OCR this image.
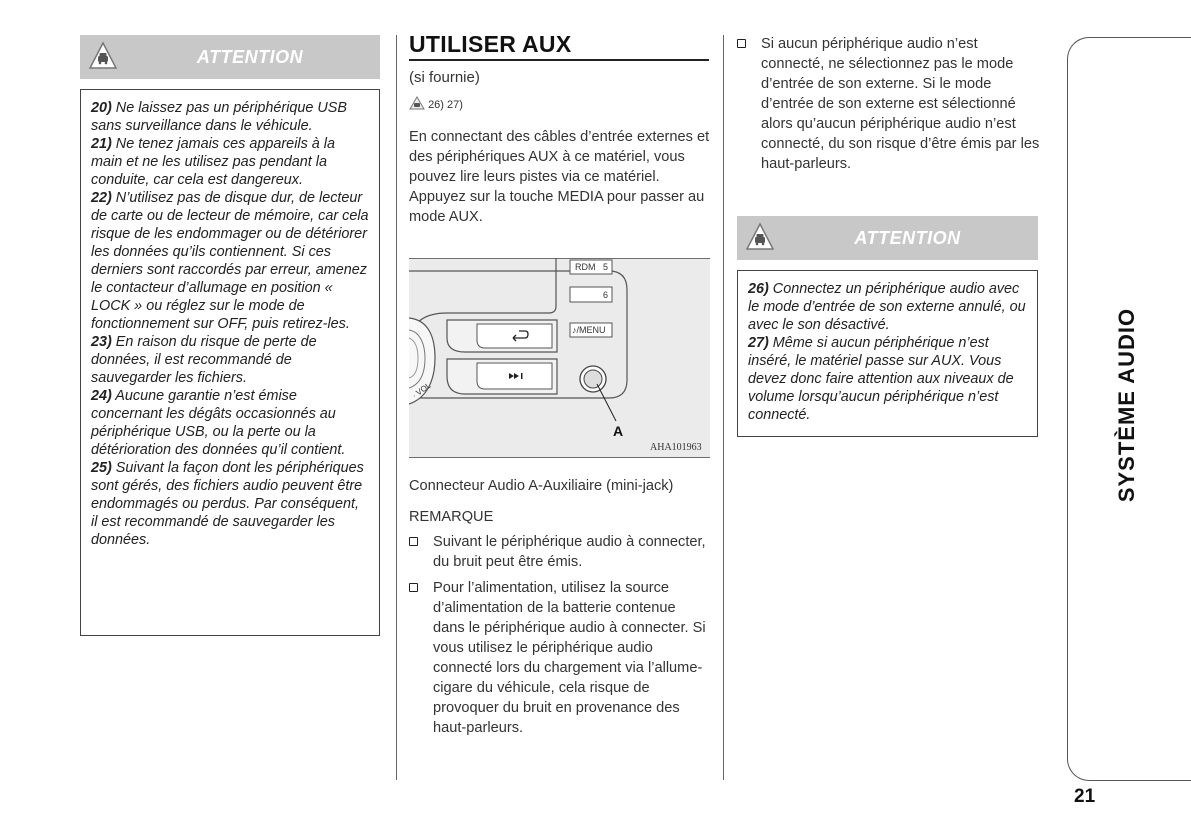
ATTENTION

20) Ne laissez pas un périphérique USB sans surveillance dans le véhicule.

21) Ne tenez jamais ces appareils à la main et ne les utilisez pas pendant la conduite, car cela est dangereux.

22) N’utilisez pas de disque dur, de lecteur de carte ou de lecteur de mémoire, car cela risque de les endommager ou de détériorer les données qu’ils contiennent. Si ces derniers sont raccordés par erreur, amenez le contacteur d’allumage en position « LOCK » ou réglez sur le mode de fonctionnement sur OFF, puis retirez-les.

23) En raison du risque de perte de données, il est recommandé de sauvegarder les fichiers.

24) Aucune garantie n’est émise concernant les dégâts occasionnés au périphérique USB, ou la perte ou la détérioration des données qu’il contient.

25) Suivant la façon dont les périphériques sont gérés, des fichiers audio peuvent être endommagés ou perdus. Par conséquent, il est recommandé de sauvegarder les données.

UTILISER AUX
(si fournie)
26) 27)
En connectant des câbles d’entrée externes et des périphériques AUX à ce matériel, vous pouvez lire leurs pistes via ce matériel. Appuyez sur la touche MEDIA pour passer au mode AUX.
RDM 5
6
♪/MENU
· VOL
A
AHA101963
Connecteur Audio A-Auxiliaire (mini-jack)
REMARQUE
Suivant le périphérique audio à connecter, du bruit peut être émis.
Pour l’alimentation, utilisez la source d’alimentation de la batterie contenue dans le périphérique audio à connecter. Si vous utilisez le périphérique audio connecté lors du chargement via l’allume-cigare du véhicule, cela risque de provoquer du bruit en provenance des haut-parleurs.
Si aucun périphérique audio n’est connecté, ne sélectionnez pas le mode d’entrée de son externe. Si le mode d’entrée de son externe est sélectionné alors qu’aucun périphérique audio n’est connecté, du son risque d’être émis par les haut-parleurs.
ATTENTION

26) Connectez un périphérique audio avec le mode d’entrée de son externe annulé, ou avec le son désactivé.

27) Même si aucun périphérique n’est inséré, le matériel passe sur AUX. Vous devez donc faire attention aux niveaux de volume lorsqu’aucun périphérique n’est connecté.	SYSTÈME AUDIO
21
